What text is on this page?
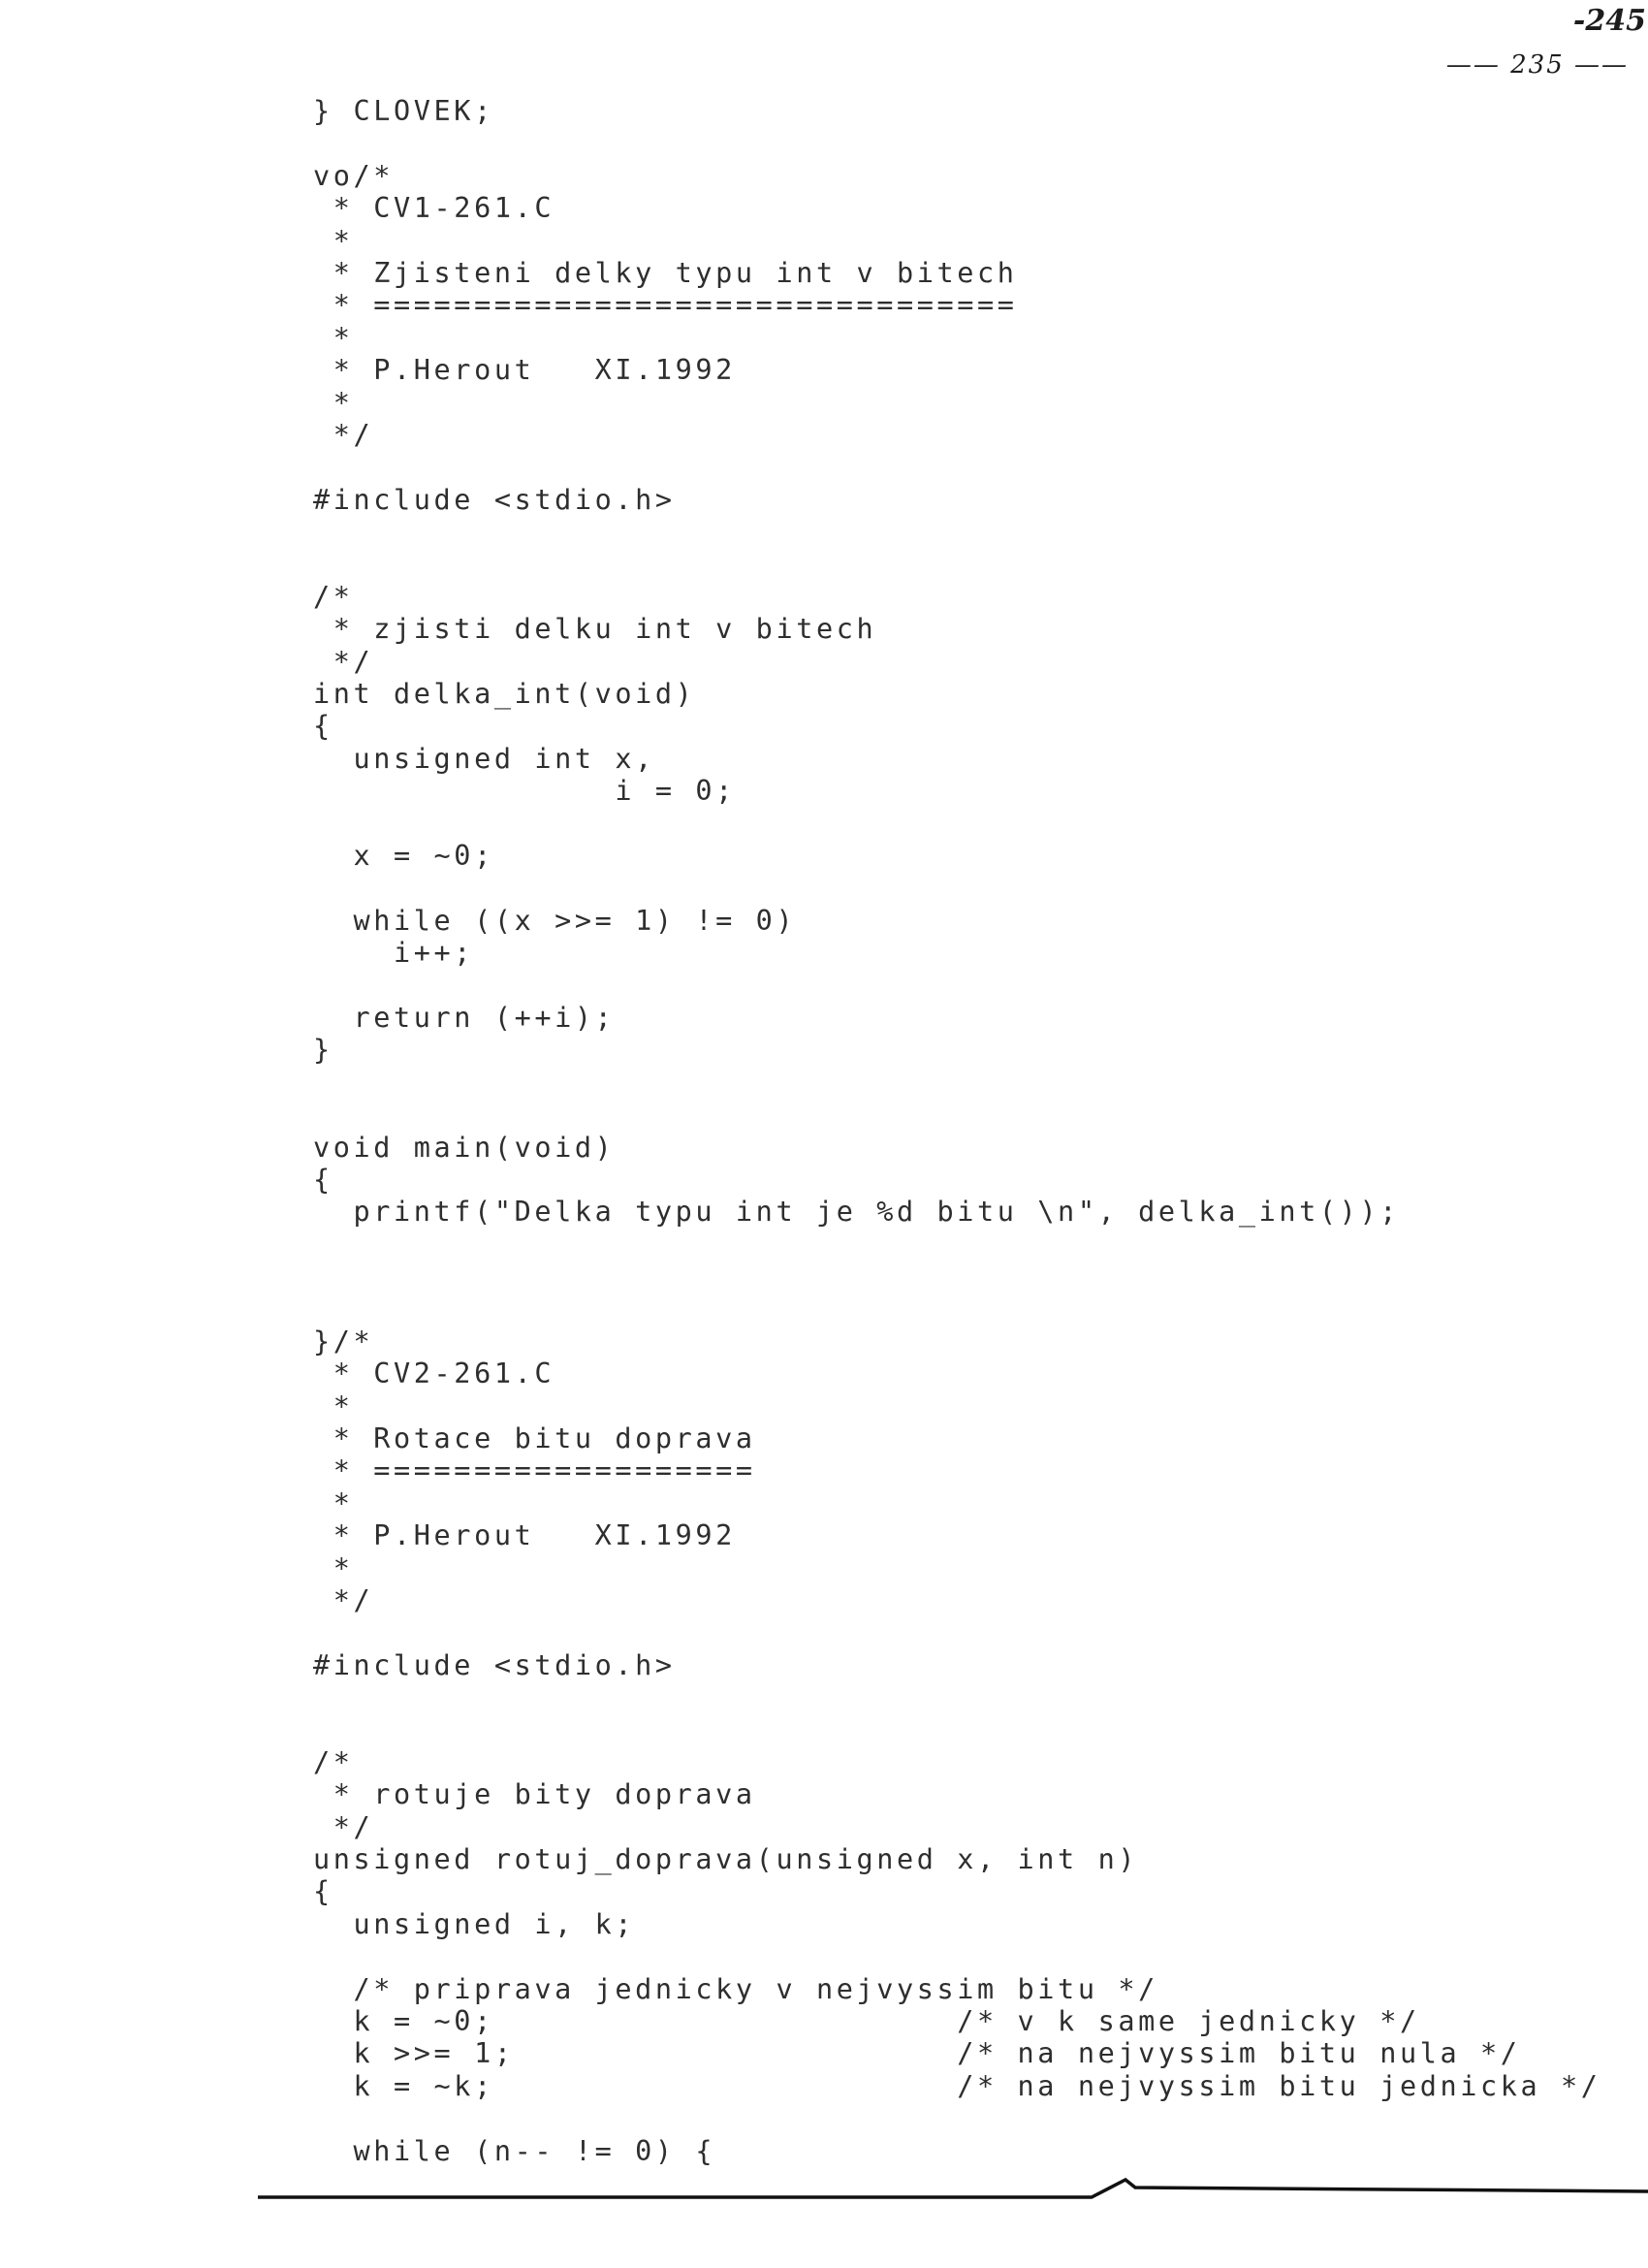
-245
—— 235 ——
} CLOVEK;

vo/*
* CV1-261.C
*
* Zjisteni delky typu int v bitech
* ================================
*
* P.Herout   XI.1992
*
*/

#include <stdio.h>

/*
* zjisti delku int v bitech
*/
int delka_int(void)
{
unsigned int x,
i = 0;

x = ~0;

while ((x >>= 1) != 0)
i++;

return (++i);
}

void main(void)
{
printf("Delka typu int je %d bitu \n", delka_int());

}/*
* CV2-261.C
*
* Rotace bitu doprava
* ===================
*
* P.Herout   XI.1992
*
*/

#include <stdio.h>

/*
* rotuje bity doprava
*/
unsigned rotuj_doprava(unsigned x, int n)
{
unsigned i, k;

/* priprava jednicky v nejvyssim bitu */
k = ~0;                       /* v k same jednicky */
k >>= 1;                      /* na nejvyssim bitu nula */
k = ~k;                       /* na nejvyssim bitu jednicka */

while (n-- != 0) {
